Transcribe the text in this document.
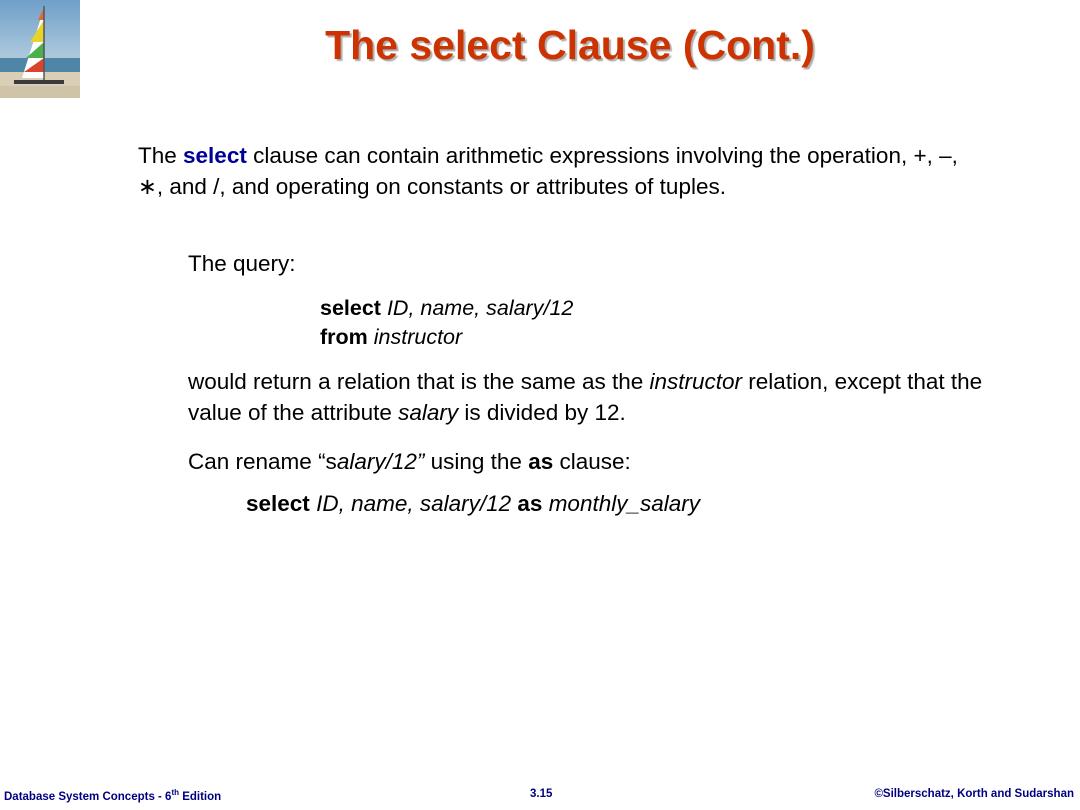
The select Clause (Cont.)

The select clause can contain arithmetic expressions involving the operation, +, –, ∗, and /, and operating on constants or attributes of tuples.

The query:
select ID, name, salary/12
from instructor
would return a relation that is the same as the instructor relation, except that the value of the attribute salary is divided by 12.
Can rename “salary/12” using the as clause:
select ID, name, salary/12 as monthly_salary
Database System Concepts - 6th Edition	3.15	©Silberschatz, Korth and Sudarshan
